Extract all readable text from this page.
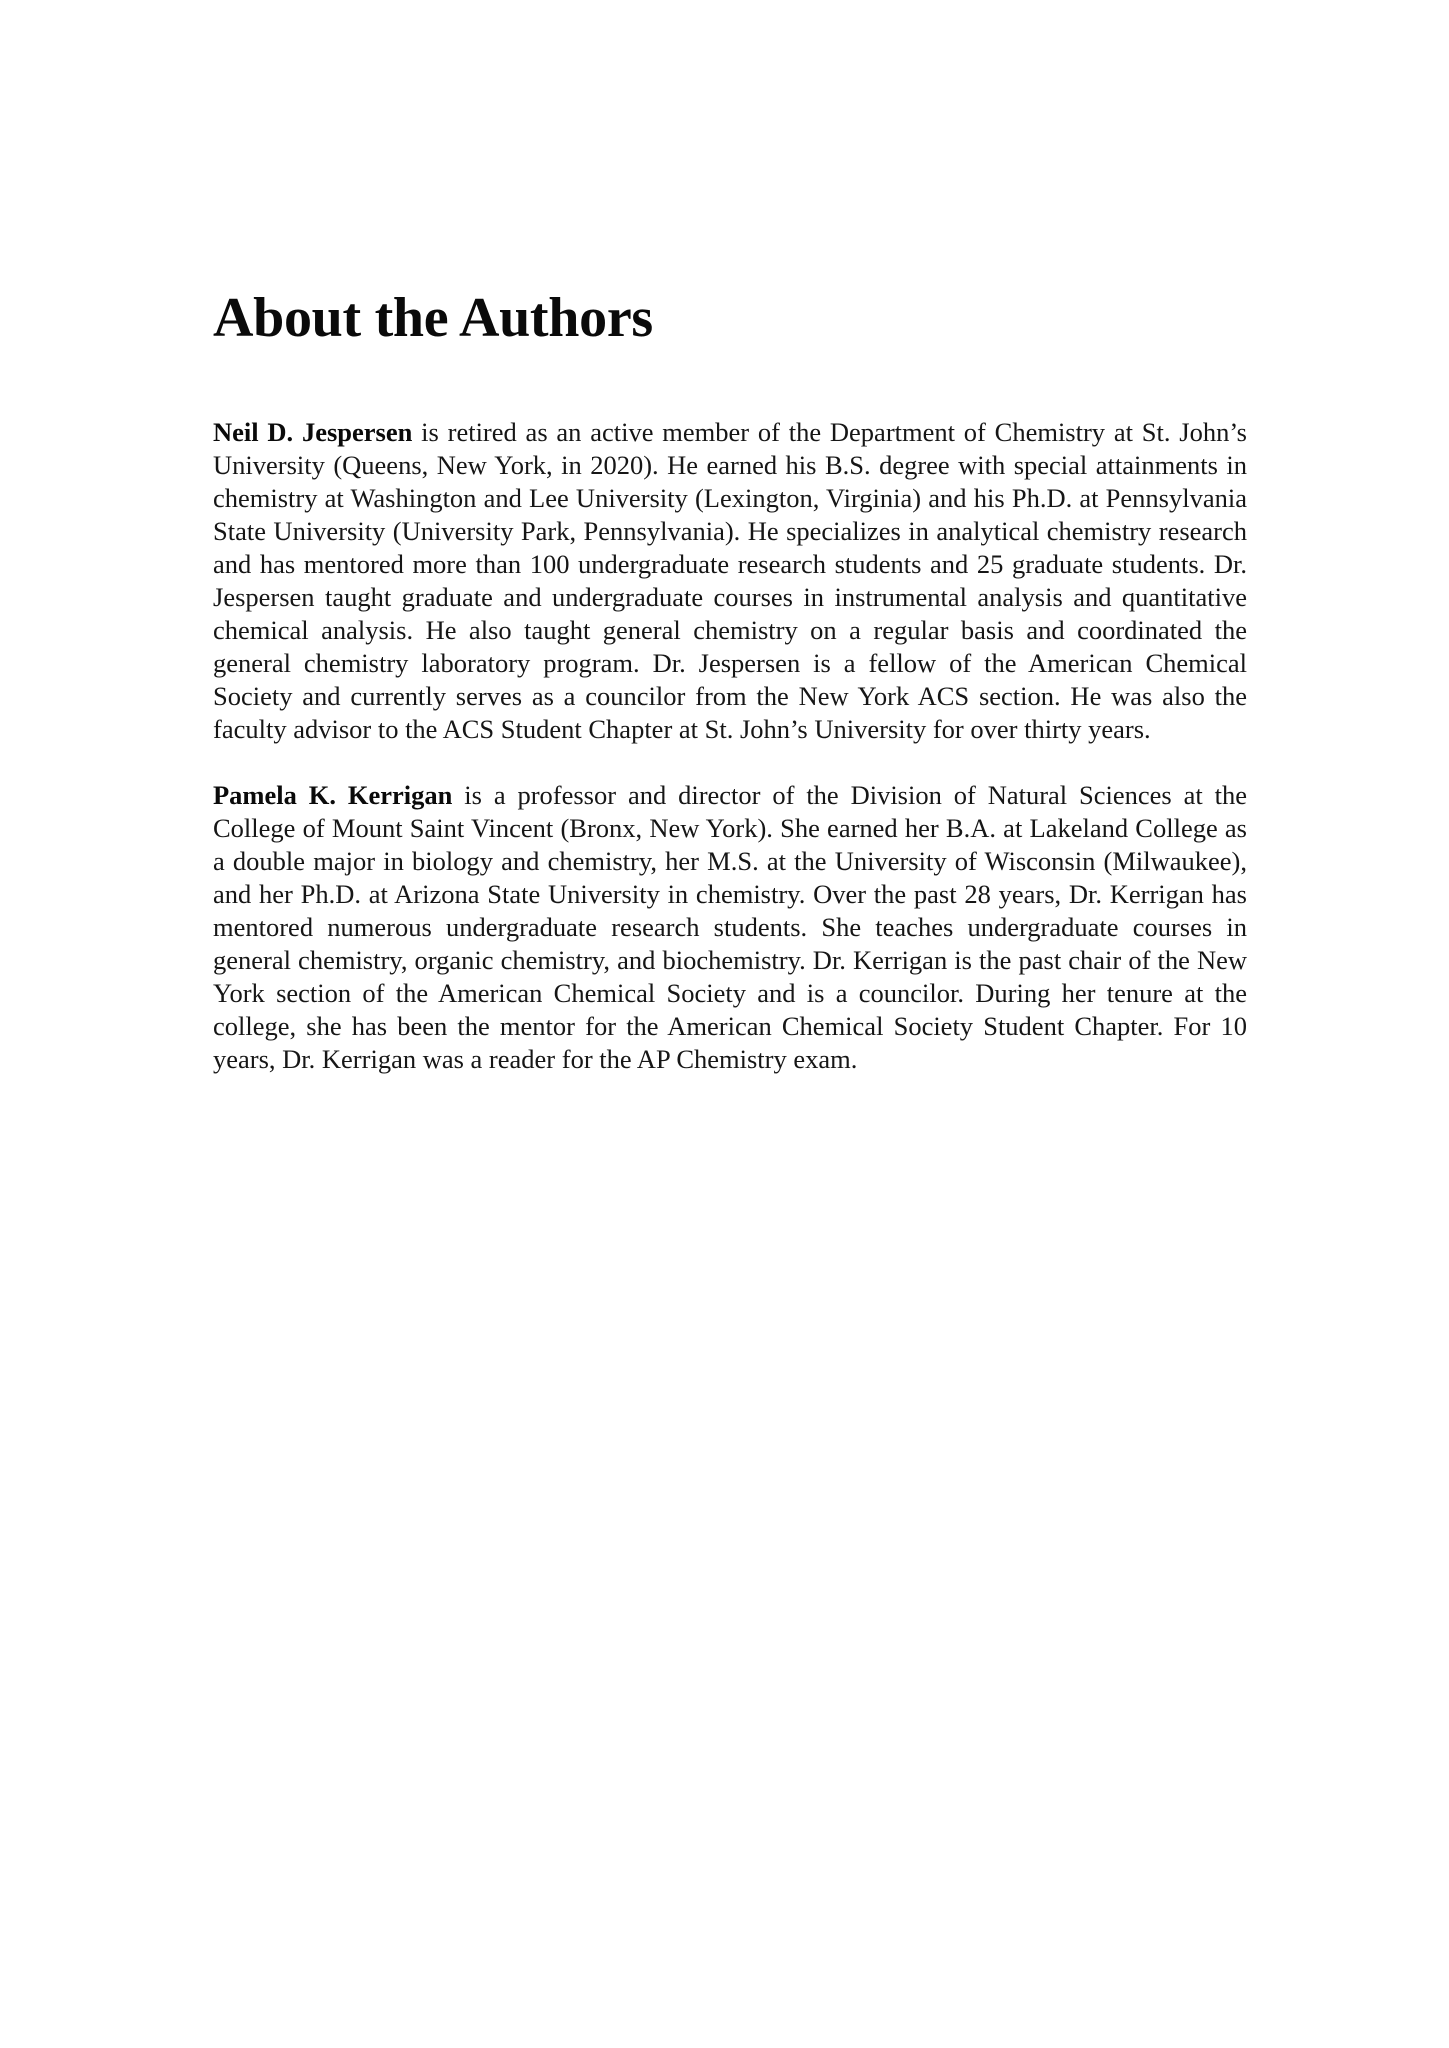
About the Authors

Neil D. Jespersen is retired as an active member of the Department of Chemistry at St. John’s University (Queens, New York, in 2020). He earned his B.S. degree with special attainments in chemistry at Washington and Lee University (Lexington, Virginia) and his Ph.D. at Pennsylvania State University (University Park, Pennsylvania). He specializes in analytical chemistry research and has mentored more than 100 undergraduate research students and 25 graduate students. Dr. Jespersen taught graduate and undergraduate courses in instrumental analysis and quantitative chemical analysis. He also taught general chemistry on a regular basis and coordinated the general chemistry laboratory program. Dr. Jespersen is a fellow of the American Chemical Society and currently serves as a councilor from the New York ACS section. He was also the faculty advisor to the ACS Student Chapter at St. John’s University for over thirty years.

Pamela K. Kerrigan is a professor and director of the Division of Natural Sciences at the College of Mount Saint Vincent (Bronx, New York). She earned her B.A. at Lakeland College as a double major in biology and chemistry, her M.S. at the University of Wisconsin (Milwaukee), and her Ph.D. at Arizona State University in chemistry. Over the past 28 years, Dr. Kerrigan has mentored numerous undergraduate research students. She teaches undergraduate courses in general chemistry, organic chemistry, and biochemistry. Dr. Kerrigan is the past chair of the New York section of the American Chemical Society and is a councilor. During her tenure at the college, she has been the mentor for the American Chemical Society Student Chapter. For 10 years, Dr. Kerrigan was a reader for the AP Chemistry exam.
